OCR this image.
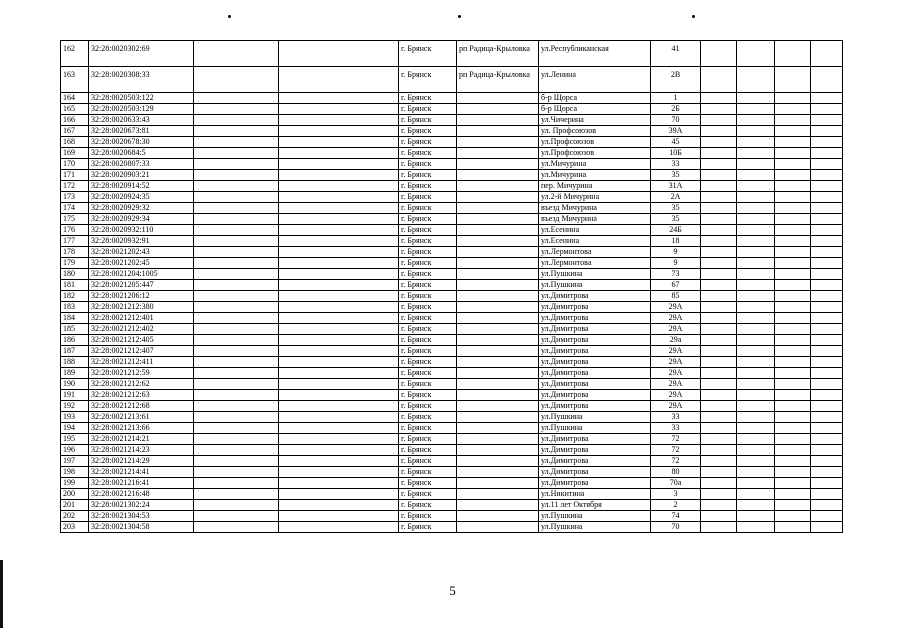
162	32:28:0020302:69			г. Брянск	рп Радица-Крыловка	ул.Республиканская	41				
163	32:28:0020308:33			г. Брянск	рп Радица-Крыловка	ул.Ленина	2В				
164	32:28:0020503:122			г. Брянск		б-р Щорса	1				
165	32:28:0020503:129			г. Брянск		б-р Щорса	2Б				
166	32:28:0020633:43			г. Брянск		ул.Чичерина	70				
167	32:28:0020673:81			г. Брянск		ул. Профсоюзов	39А				
168	32:28:0020678:30			г. Брянск		ул.Профсоюзов	45				
169	32:28:0020684:5			г. Брянск		ул.Профсоюзов	10Б				
170	32:28:0020807:33			г. Брянск		ул.Мичурина	33				
171	32:28:0020903:21			г. Брянск		ул.Мичурина	35				
172	32:28:0020914:52			г. Брянск		пер. Мичурина	31А				
173	32:28:0020924:35			г. Брянск		ул.2-й Мичурина	2А				
174	32:28:0020929:32			г. Брянск		въезд Мичурина	35				
175	32:28:0020929:34			г. Брянск		въезд Мичурина	35				
176	32:28:0020932:110			г. Брянск		ул.Есенина	24Б				
177	32:28:0020932:91			г. Брянск		ул.Есенина	18				
178	32:28:0021202:43			г. Брянск		ул.Лермонтова	9				
179	32:28:0021202:45			г. Брянск		ул.Лермонтова	9				
180	32:28:0021204:1005			г. Брянск		ул.Пушкина	73				
181	32:28:0021205:447			г. Брянск		ул.Пушкина	67				
182	32:28:0021206:12			г. Брянск		ул.Димитрова	85				
183	32:28:0021212:380			г. Брянск		ул.Димитрова	29А				
184	32:28:0021212:401			г. Брянск		ул.Димитрова	29А				
185	32:28:0021212:402			г. Брянск		ул.Димитрова	29А				
186	32:28:0021212:405			г. Брянск		ул.Димитрова	29а				
187	32:28:0021212:407			г. Брянск		ул.Димитрова	29А				
188	32:28:0021212:411			г. Брянск		ул.Димитрова	29А				
189	32:28:0021212:59			г. Брянск		ул.Димитрова	29А				
190	32:28:0021212:62			г. Брянск		ул.Димитрова	29А				
191	32:28:0021212:63			г. Брянск		ул.Димитрова	29А				
192	32:28:0021212:68			г. Брянск		ул.Димитрова	29А				
193	32:28:0021213:61			г. Брянск		ул.Пушкина	33				
194	32:28:0021213:66			г. Брянск		ул.Пушкина	33				
195	32:28:0021214:21			г. Брянск		ул.Димитрова	72				
196	32:28:0021214:23			г. Брянск		ул.Димитрова	72				
197	32:28:0021214:29			г. Брянск		ул.Димитрова	72				
198	32:28:0021214:41			г. Брянск		ул.Димитрова	80				
199	32:28:0021216:41			г. Брянск		ул.Димитрова	70а				
200	32:28:0021216:48			г. Брянск		ул.Никитина	3				
201	32:28:0021302:24			г. Брянск		ул.11 лет Октября	2				
202	32:28:0021304:53			г. Брянск		ул.Пушкина	74				
203	32:28:0021304:58			г. Брянск		ул.Пушкина	70				
5
